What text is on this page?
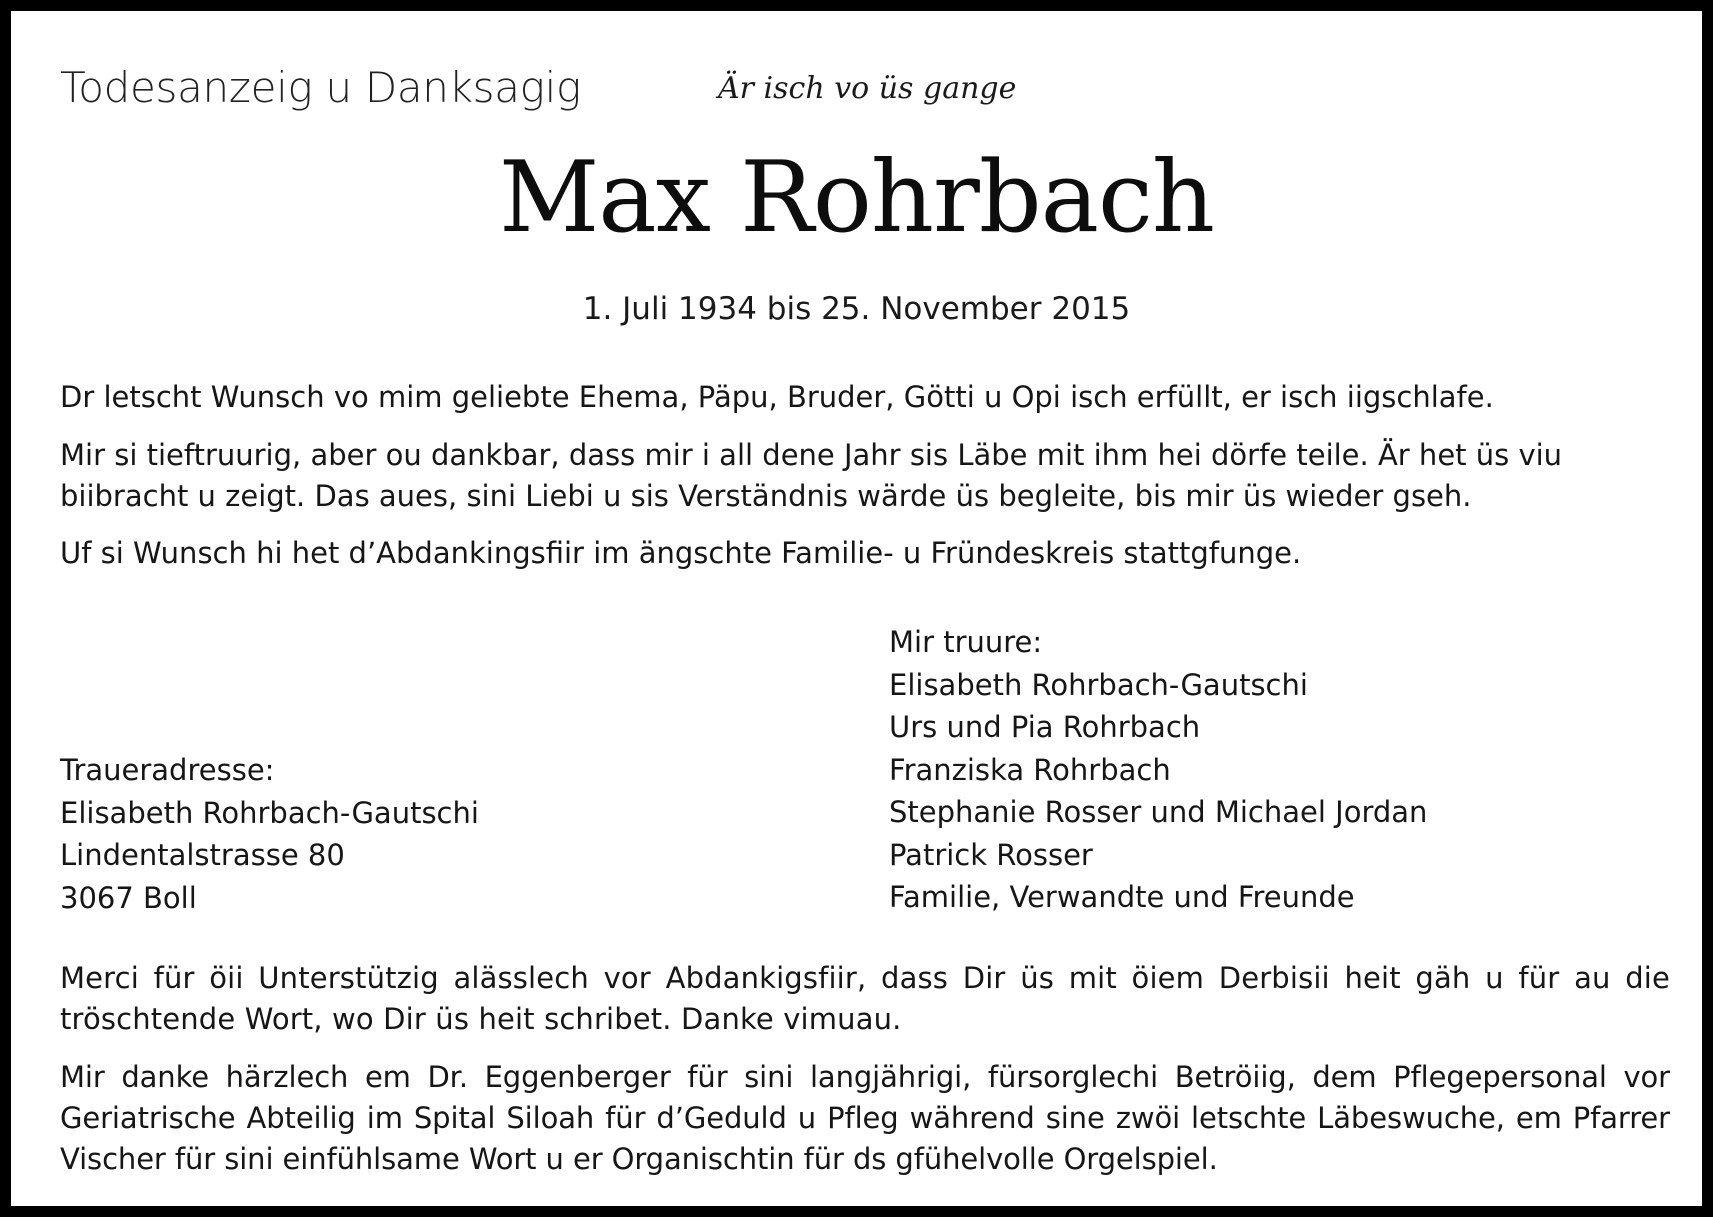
Todesanzeig u Danksagig	Är isch vo üs gange
Max Rohrbach
1. Juli 1934 bis 25. November 2015

Dr letscht Wunsch vo mim geliebte Ehema, Päpu, Bruder, Götti u Opi isch erfüllt, er isch iigschlafe.

Mir si tieftruurig, aber ou dankbar, dass mir i all dene Jahr sis Läbe mit ihm hei dörfe teile. Är het üs viu biibracht u zeigt. Das aues, sini Liebi u sis Verständnis wärde üs begleite, bis mir üs wieder gseh.

Uf si Wunsch hi het d’Abdankingsfiir im ängschte Familie- u Fründeskreis stattgfunge.

Mir truure:
Elisabeth Rohrbach-Gautschi
Urs und Pia Rohrbach
Franziska Rohrbach
Stephanie Rosser und Michael Jordan
Patrick Rosser
Familie, Verwandte und Freunde
Traueradresse:
Elisabeth Rohrbach-Gautschi
Lindentalstrasse 80
3067 Boll

Merci für öii Unterstützig alässlech vor Abdankigsfiir, dass Dir üs mit öiem Derbisii heit gäh u für au die tröschtende Wort, wo Dir üs heit schribet. Danke vimuau.

Mir danke härzlech em Dr. Eggenberger für sini langjährigi, fürsorglechi Betröiig, dem Pflegepersonal vor Geriatrische Abteilig im Spital Siloah für d’Geduld u Pfleg während sine zwöi letschte Läbeswuche, em Pfarrer Vischer für sini einfühlsame Wort u er Organischtin für ds gfühelvolle Orgelspiel.
